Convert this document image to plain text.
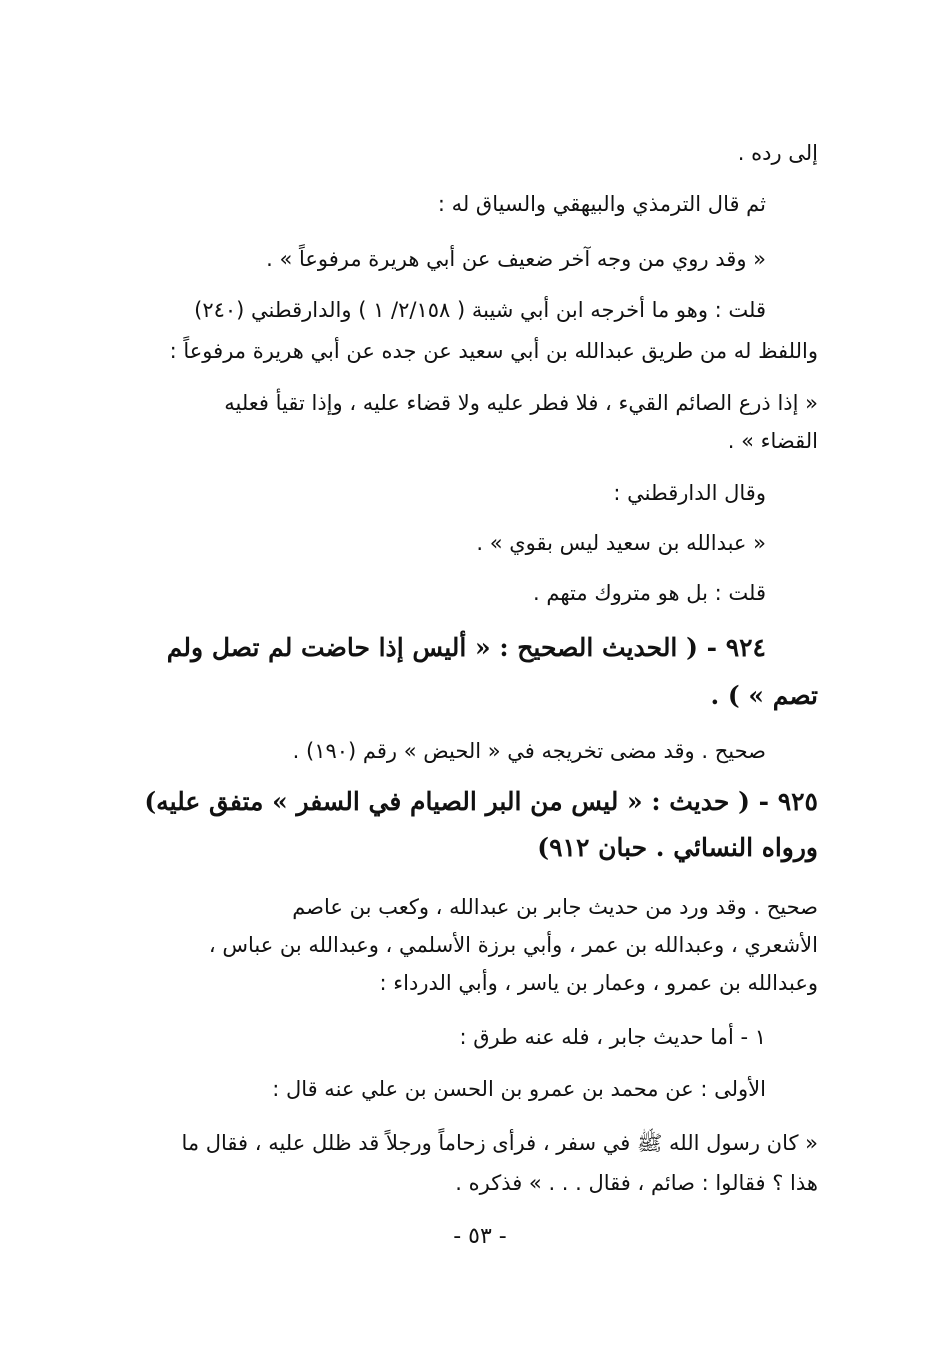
إلى رده .
ثم قال الترمذي والبيهقي والسياق له :
« وقد روي من وجه آخر ضعيف عن أبي هريرة مرفوعاً » .
قلت : وهو ما أخرجه ابن أبي شيبة ( ٢/١٥٨/ ١ ) والدارقطني (٢٤٠)
واللفظ له من طريق عبدالله بن أبي سعيد عن جده عن أبي هريرة مرفوعاً :
« إذا ذرع الصائم القيء ، فلا فطر عليه ولا قضاء عليه ، وإذا تقيأ فعليه
القضاء » .
وقال الدارقطني :
« عبدالله بن سعيد ليس بقوي » .
قلت : بل هو متروك متهم .
٩٢٤ - ( الحديث الصحيح : « أليس إذا حاضت لم تصل ولم
تصم » ) .
صحيح . وقد مضى تخريجه في « الحيض » رقم (١٩٠) .
٩٢٥ - ( حديث : « ليس من البر الصيام في السفر » متفق عليه)
ورواه النسائي . حبان ٩١٢)
صحيح . وقد ورد من حديث جابر بن عبدالله ، وكعب بن عاصم
الأشعري ، وعبدالله بن عمر ، وأبي برزة الأسلمي ، وعبدالله بن عباس ،
وعبدالله بن عمرو ، وعمار بن ياسر ، وأبي الدرداء :
١ - أما حديث جابر ، فله عنه طرق :
الأولى : عن محمد بن عمرو بن الحسن بن علي عنه قال :
« كان رسول الله ﷺ في سفر ، فرأى زحاماً ورجلاً قد ظلل عليه ، فقال ما
هذا ؟ فقالوا : صائم ، فقال . . . » فذكره .
- ٥٣ -
